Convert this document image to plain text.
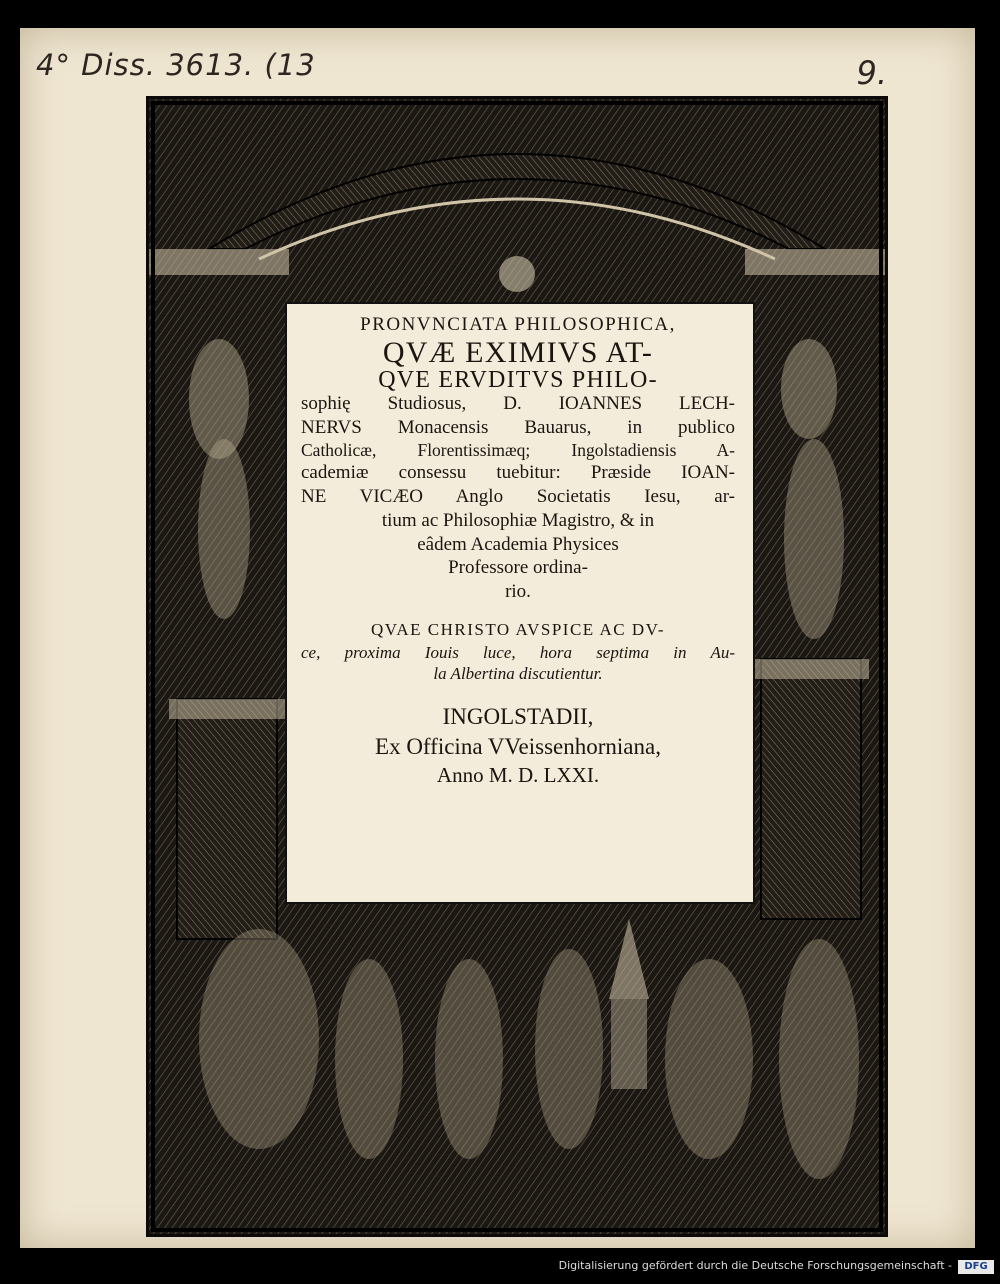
4° Diss. 3613. (13	9.
PRONVNCIATA PHILOSOPHICA,
QVÆ EXIMIVS AT-
QVE ERVDITVS PHILO-
sophię Studiosus, D. IOANNES LECH-
NERVS Monacensis Bauarus, in publico
Catholicæ, Florentissimæq; Ingolstadiensis A-
cademiæ consessu tuebitur: Præside IOAN-
NE VICÆO Anglo Societatis Iesu, ar-
tium ac Philosophiæ Magistro, & in
eâdem Academia Physices
Professore ordina-
rio.
QVAE CHRISTO AVSPICE AC DV-
ce, proxima Iouis luce, hora septima in Au-
la Albertina discutientur.
INGOLSTADII,
Ex Officina VVeissenhorniana,
Anno M. D. LXXI.
Digitalisierung gefördert durch die Deutsche Forschungsgemeinschaft -	DFG
